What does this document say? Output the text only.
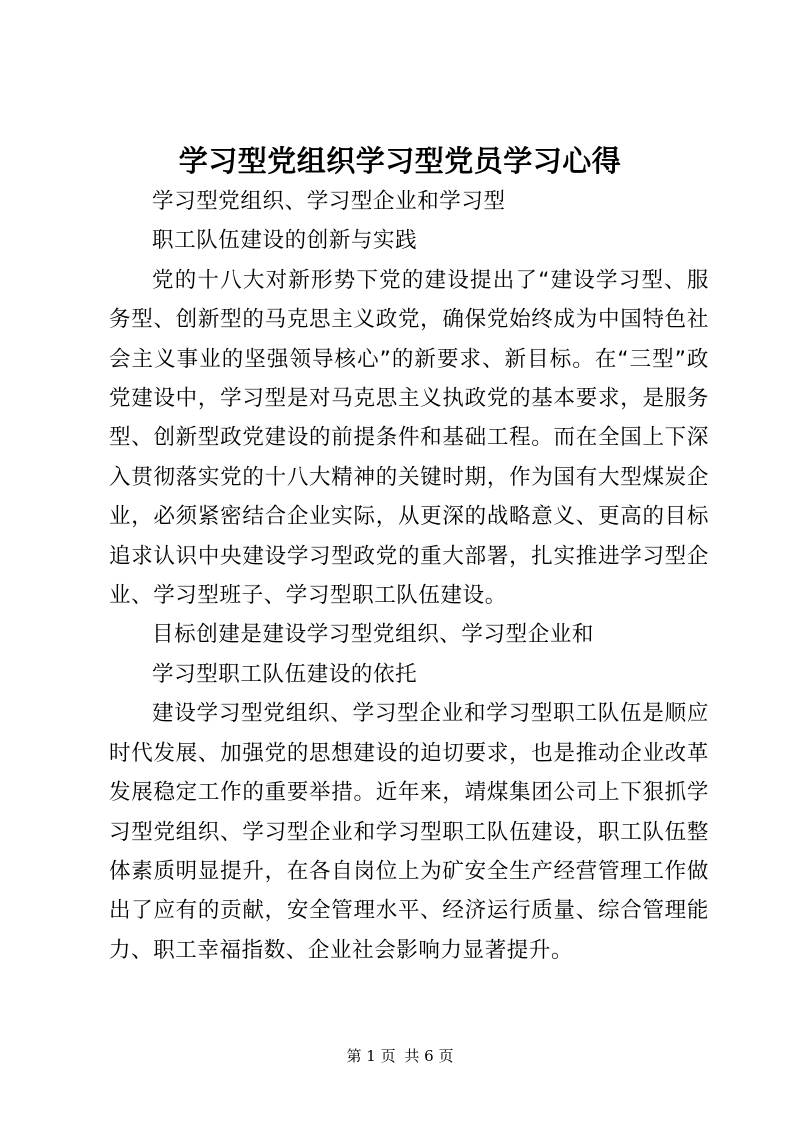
学习型党组织学习型党员学习心得

学习型党组织、学习型企业和学习型

职工队伍建设的创新与实践

党的十八大对新形势下党的建设提出了“建设学习型、服务型、创新型的马克思主义政党，确保党始终成为中国特色社会主义事业的坚强领导核心”的新要求、新目标。在“三型”政党建设中，学习型是对马克思主义执政党的基本要求，是服务型、创新型政党建设的前提条件和基础工程。而在全国上下深入贯彻落实党的十八大精神的关键时期，作为国有大型煤炭企业，必须紧密结合企业实际，从更深的战略意义、更高的目标追求认识中央建设学习型政党的重大部署，扎实推进学习型企业、学习型班子、学习型职工队伍建设。

目标创建是建设学习型党组织、学习型企业和

学习型职工队伍建设的依托

建设学习型党组织、学习型企业和学习型职工队伍是顺应时代发展、加强党的思想建设的迫切要求，也是推动企业改革发展稳定工作的重要举措。近年来，靖煤集团公司上下狠抓学习型党组织、学习型企业和学习型职工队伍建设，职工队伍整体素质明显提升，在各自岗位上为矿安全生产经营管理工作做出了应有的贡献，安全管理水平、经济运行质量、综合管理能力、职工幸福指数、企业社会影响力显著提升。

第 1 页 共 6 页
